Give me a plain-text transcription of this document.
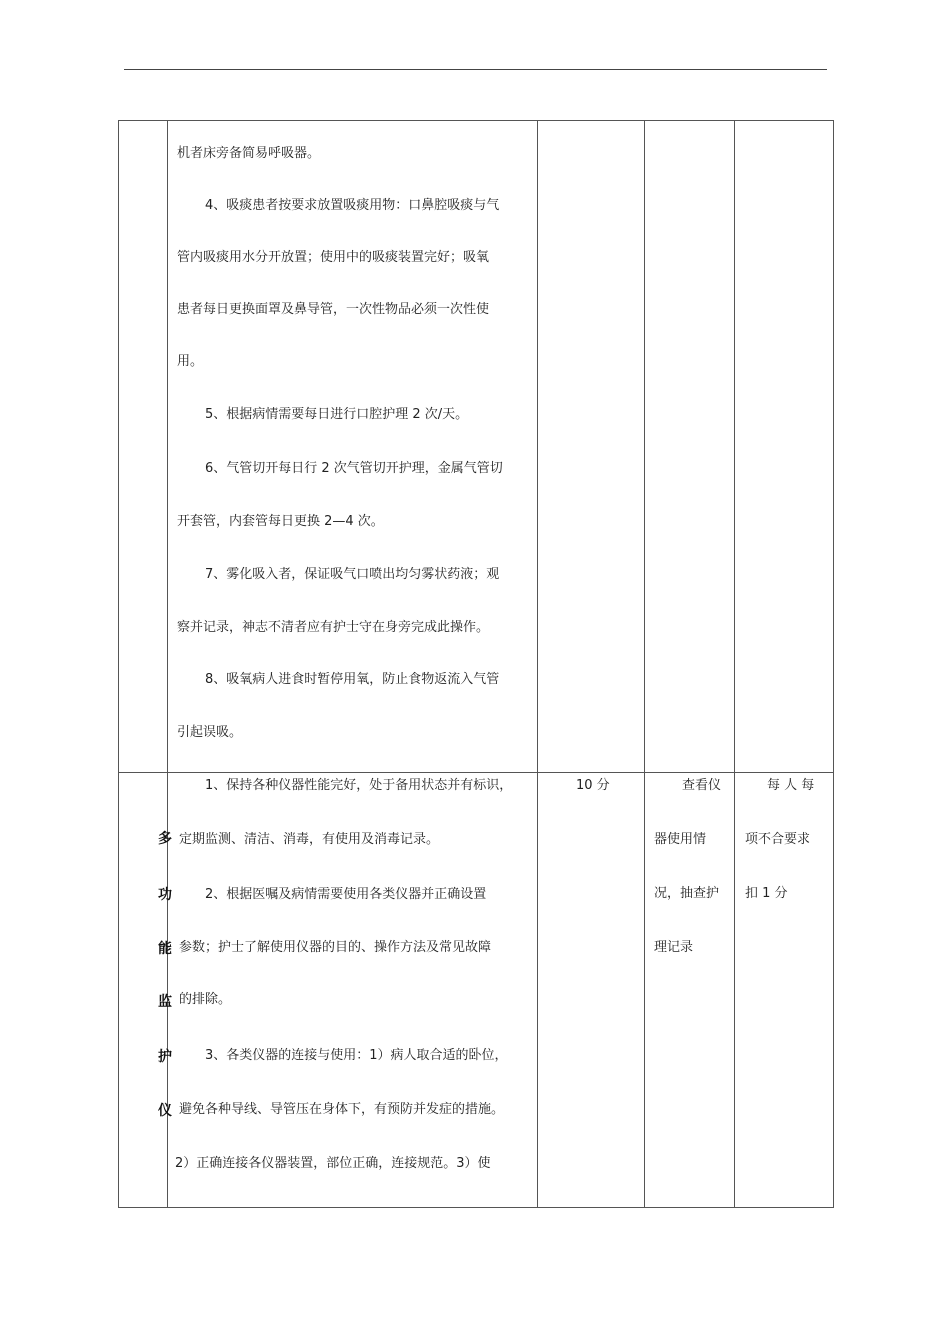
机者床旁备简易呼吸器。
4、吸痰患者按要求放置吸痰用物：口鼻腔吸痰与气
管内吸痰用水分开放置；使用中的吸痰装置完好；吸氧
患者每日更换面罩及鼻导管，一次性物品必须一次性使
用。
5、根据病情需要每日进行口腔护理 2 次/天。
6、气管切开每日行 2 次气管切开护理，金属气管切
开套管，内套管每日更换 2—4 次。
7、雾化吸入者，保证吸气口喷出均匀雾状药液；观
察并记录，神志不清者应有护士守在身旁完成此操作。
8、吸氧病人进食时暂停用氧，防止食物返流入气管
引起误吸。
多
功
能
监
护
仪
1、保持各种仪器性能完好，处于备用状态并有标识，
定期监测、清洁、消毒，有使用及消毒记录。
2、根据医嘱及病情需要使用各类仪器并正确设置
参数；护士了解使用仪器的目的、操作方法及常见故障
的排除。
3、各类仪器的连接与使用：1）病人取合适的卧位，
避免各种导线、导管压在身体下，有预防并发症的措施。
2）正确连接各仪器装置，部位正确，连接规范。3）使
10 分	查看仪
器使用情
况，抽查护
理记录
每 人 每
项不合要求
扣 1 分
